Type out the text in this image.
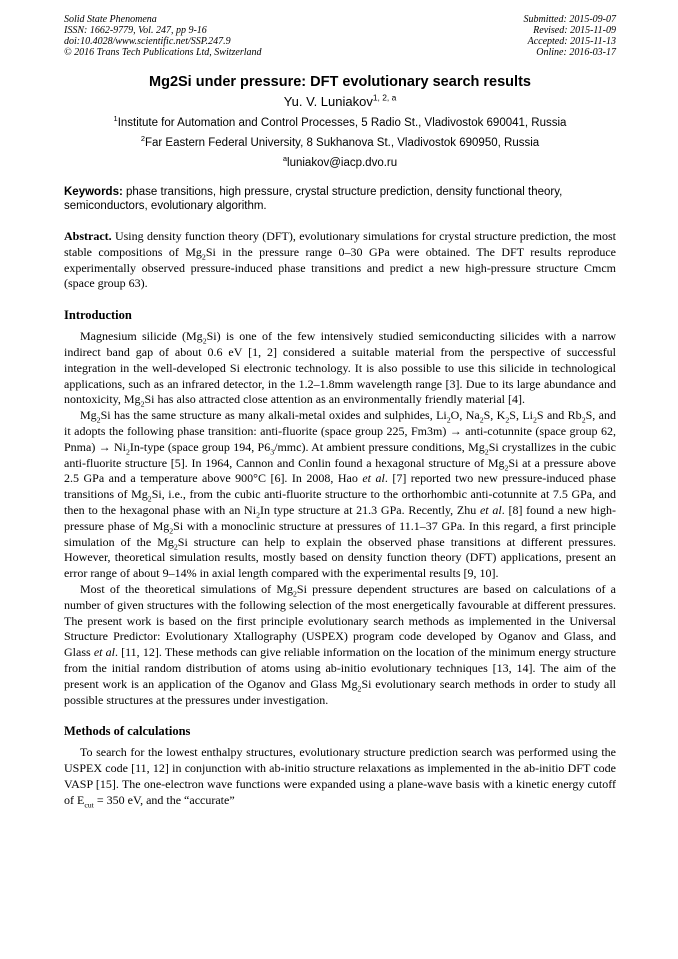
Solid State Phenomena
ISSN: 1662-9779, Vol. 247, pp 9-16
doi:10.4028/www.scientific.net/SSP.247.9
© 2016 Trans Tech Publications Ltd, Switzerland
Submitted: 2015-09-07
Revised: 2015-11-09
Accepted: 2015-11-13
Online: 2016-03-17
Mg2Si under pressure: DFT evolutionary search results
Yu. V. Luniakov$^{1, 2, a}$
$^1$Institute for Automation and Control Processes, 5 Radio St., Vladivostok 690041, Russia
$^2$Far Eastern Federal University, 8 Sukhanova St., Vladivostok 690950, Russia
$^a$luniakov@iacp.dvo.ru
Keywords: phase transitions, high pressure, crystal structure prediction, density functional theory, semiconductors, evolutionary algorithm.

Abstract. Using density function theory (DFT), evolutionary simulations for crystal structure prediction, the most stable compositions of $Mg_2Si$ in the pressure range 0–30 GPa were obtained. The DFT results reproduce experimentally observed pressure-induced phase transitions and predict a new high-pressure structure Cmcm (space group 63).

Introduction

Magnesium silicide $(Mg_2Si)$ is one of the few intensively studied semiconducting silicides with a narrow indirect band gap of about 0.6 eV [1, 2] considered a suitable material from the perspective of successful integration in the well-developed Si electronic technology. It is also possible to use this silicide in technological applications, such as an infrared detector, in the 1.2–1.8mm wavelength range [3]. Due to its large abundance and nontoxicity, $Mg_2Si$ has also attracted close attention as an environmentally friendly material [4].

$Mg_2Si$ has the same structure as many alkali-metal oxides and sulphides, $Li_2O$, $Na_2S$, $K_2S$, $Li_2S$ and $Rb_2S$, and it adopts the following phase transition: anti-fluorite (space group 225, Fm3m) → anti-cotunnite (space group 62, Pnma) → $Ni_2In$-type (space group 194, $P6_3/mmc$). At ambient pressure conditions, $Mg_2Si$ crystallizes in the cubic anti-fluorite structure [5]. In 1964, Cannon and Conlin found a hexagonal structure of $Mg_2Si$ at a pressure above 2.5 GPa and a temperature above 900°C [6]. In 2008, Hao et al. [7] reported two new pressure-induced phase transitions of $Mg_2Si$, i.e., from the cubic anti-fluorite structure to the orthorhombic anti-cotunnite at 7.5 GPa, and then to the hexagonal phase with an $Ni_2In$ type structure at 21.3 GPa. Recently, Zhu et al. [8] found a new high-pressure phase of $Mg_2Si$ with a monoclinic structure at pressures of 11.1–37 GPa. In this regard, a first principle simulation of the $Mg_2Si$ structure can help to explain the observed phase transitions at different pressures. However, theoretical simulation results, mostly based on density function theory (DFT) applications, present an error range of about 9–14% in axial length compared with the experimental results [9, 10].

Most of the theoretical simulations of $Mg_2Si$ pressure dependent structures are based on calculations of a number of given structures with the following selection of the most energetically favourable at different pressures. The present work is based on the first principle evolutionary search methods as implemented in the Universal Structure Predictor: Evolutionary Xtallography (USPEX) program code developed by Oganov and Glass, and Glass et al. [11, 12]. These methods can give reliable information on the location of the minimum energy structure from the initial random distribution of atoms using ab-initio evolutionary techniques [13, 14]. The aim of the present work is an application of the Oganov and Glass $Mg_2Si$ evolutionary search methods in order to study all possible structures at the pressures under investigation.

Methods of calculations

To search for the lowest enthalpy structures, evolutionary structure prediction search was performed using the USPEX code [11, 12] in conjunction with ab-initio structure relaxations as implemented in the ab-initio DFT code VASP [15]. The one-electron wave functions were expanded using a plane-wave basis with a kinetic energy cutoff of $E_{cut} = 350$ eV, and the “accurate”
